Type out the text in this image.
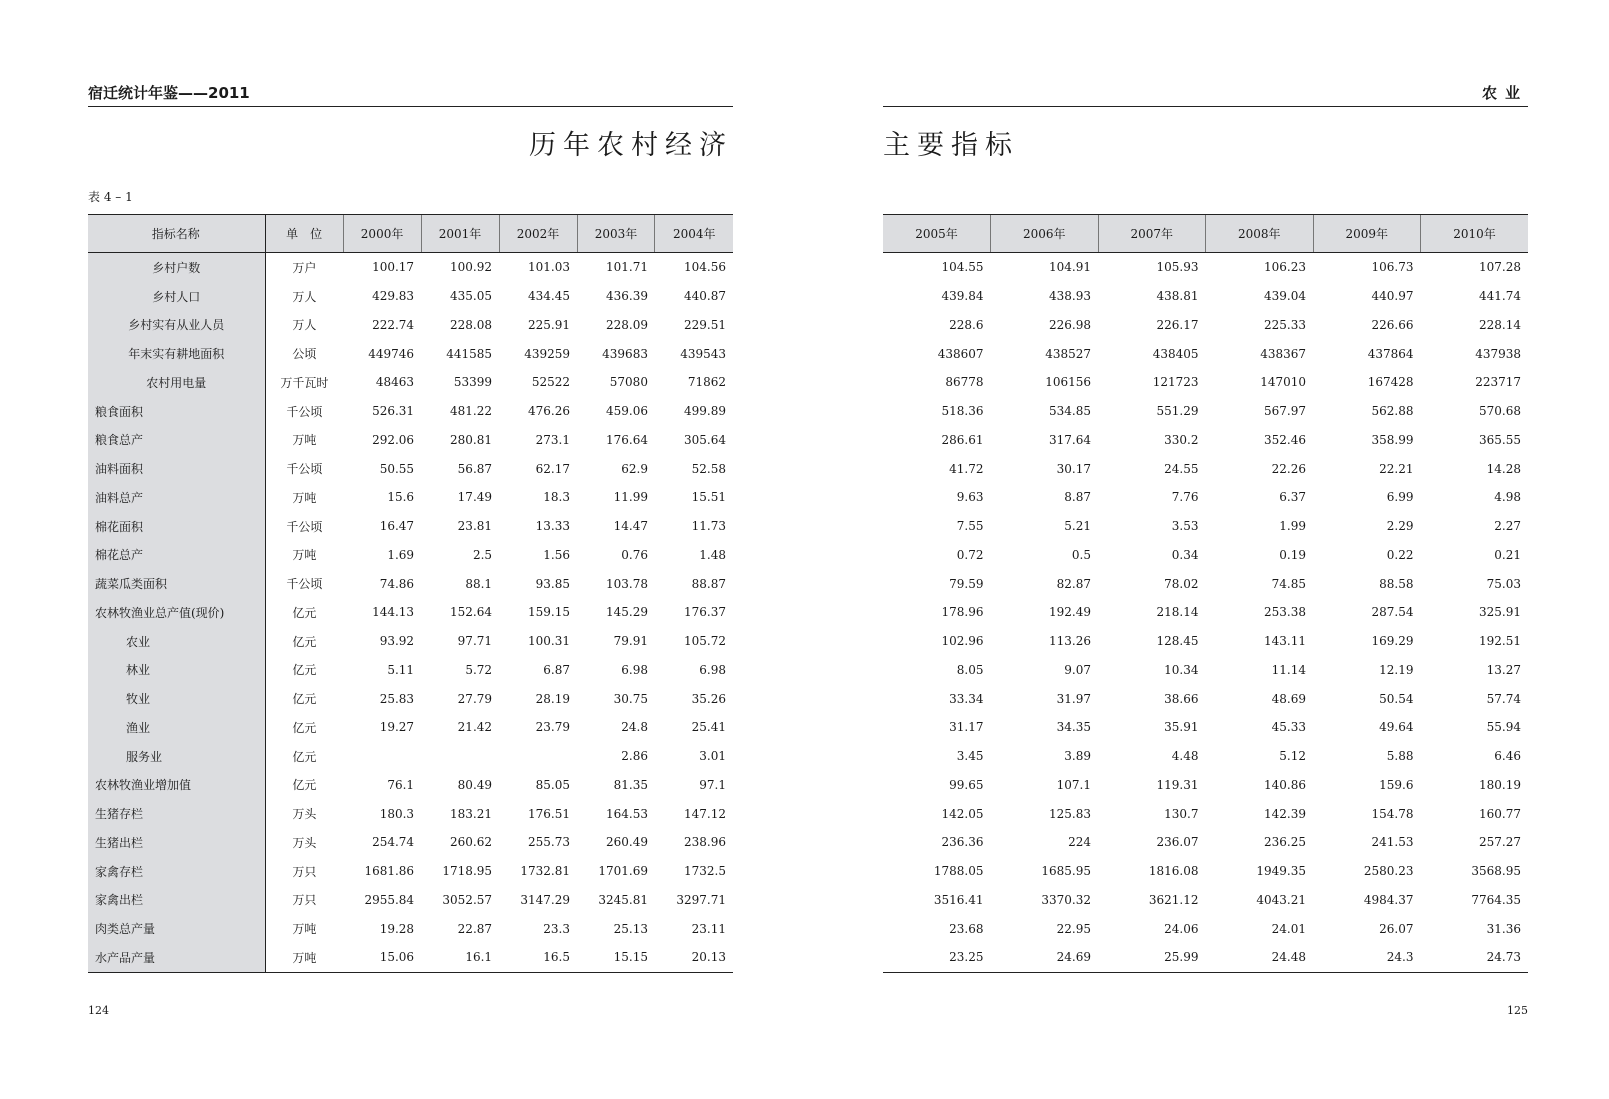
宿迁统计年鉴——2011
历年农村经济
表 4 – 1
指标名称	单　位	2000年	2001年	2002年	2003年	2004年
乡村户数	万户	100.17	100.92	101.03	101.71	104.56
乡村人口	万人	429.83	435.05	434.45	436.39	440.87
乡村实有从业人员	万人	222.74	228.08	225.91	228.09	229.51
年末实有耕地面积	公顷	449746	441585	439259	439683	439543
农村用电量	万千瓦时	48463	53399	52522	57080	71862
粮食面积	千公顷	526.31	481.22	476.26	459.06	499.89
粮食总产	万吨	292.06	280.81	273.1	176.64	305.64
油料面积	千公顷	50.55	56.87	62.17	62.9	52.58
油料总产	万吨	15.6	17.49	18.3	11.99	15.51
棉花面积	千公顷	16.47	23.81	13.33	14.47	11.73
棉花总产	万吨	1.69	2.5	1.56	0.76	1.48
蔬菜瓜类面积	千公顷	74.86	88.1	93.85	103.78	88.87
农林牧渔业总产值(现价)	亿元	144.13	152.64	159.15	145.29	176.37
农业	亿元	93.92	97.71	100.31	79.91	105.72
林业	亿元	5.11	5.72	6.87	6.98	6.98
牧业	亿元	25.83	27.79	28.19	30.75	35.26
渔业	亿元	19.27	21.42	23.79	24.8	25.41
服务业	亿元				2.86	3.01
农林牧渔业增加值	亿元	76.1	80.49	85.05	81.35	97.1
生猪存栏	万头	180.3	183.21	176.51	164.53	147.12
生猪出栏	万头	254.74	260.62	255.73	260.49	238.96
家禽存栏	万只	1681.86	1718.95	1732.81	1701.69	1732.5
家禽出栏	万只	2955.84	3052.57	3147.29	3245.81	3297.71
肉类总产量	万吨	19.28	22.87	23.3	25.13	23.11
水产品产量	万吨	15.06	16.1	16.5	15.15	20.13
124
农业
主要指标
2005年	2006年	2007年	2008年	2009年	2010年
104.55	104.91	105.93	106.23	106.73	107.28
439.84	438.93	438.81	439.04	440.97	441.74
228.6	226.98	226.17	225.33	226.66	228.14
438607	438527	438405	438367	437864	437938
86778	106156	121723	147010	167428	223717
518.36	534.85	551.29	567.97	562.88	570.68
286.61	317.64	330.2	352.46	358.99	365.55
41.72	30.17	24.55	22.26	22.21	14.28
9.63	8.87	7.76	6.37	6.99	4.98
7.55	5.21	3.53	1.99	2.29	2.27
0.72	0.5	0.34	0.19	0.22	0.21
79.59	82.87	78.02	74.85	88.58	75.03
178.96	192.49	218.14	253.38	287.54	325.91
102.96	113.26	128.45	143.11	169.29	192.51
8.05	9.07	10.34	11.14	12.19	13.27
33.34	31.97	38.66	48.69	50.54	57.74
31.17	34.35	35.91	45.33	49.64	55.94
3.45	3.89	4.48	5.12	5.88	6.46
99.65	107.1	119.31	140.86	159.6	180.19
142.05	125.83	130.7	142.39	154.78	160.77
236.36	224	236.07	236.25	241.53	257.27
1788.05	1685.95	1816.08	1949.35	2580.23	3568.95
3516.41	3370.32	3621.12	4043.21	4984.37	7764.35
23.68	22.95	24.06	24.01	26.07	31.36
23.25	24.69	25.99	24.48	24.3	24.73
125
